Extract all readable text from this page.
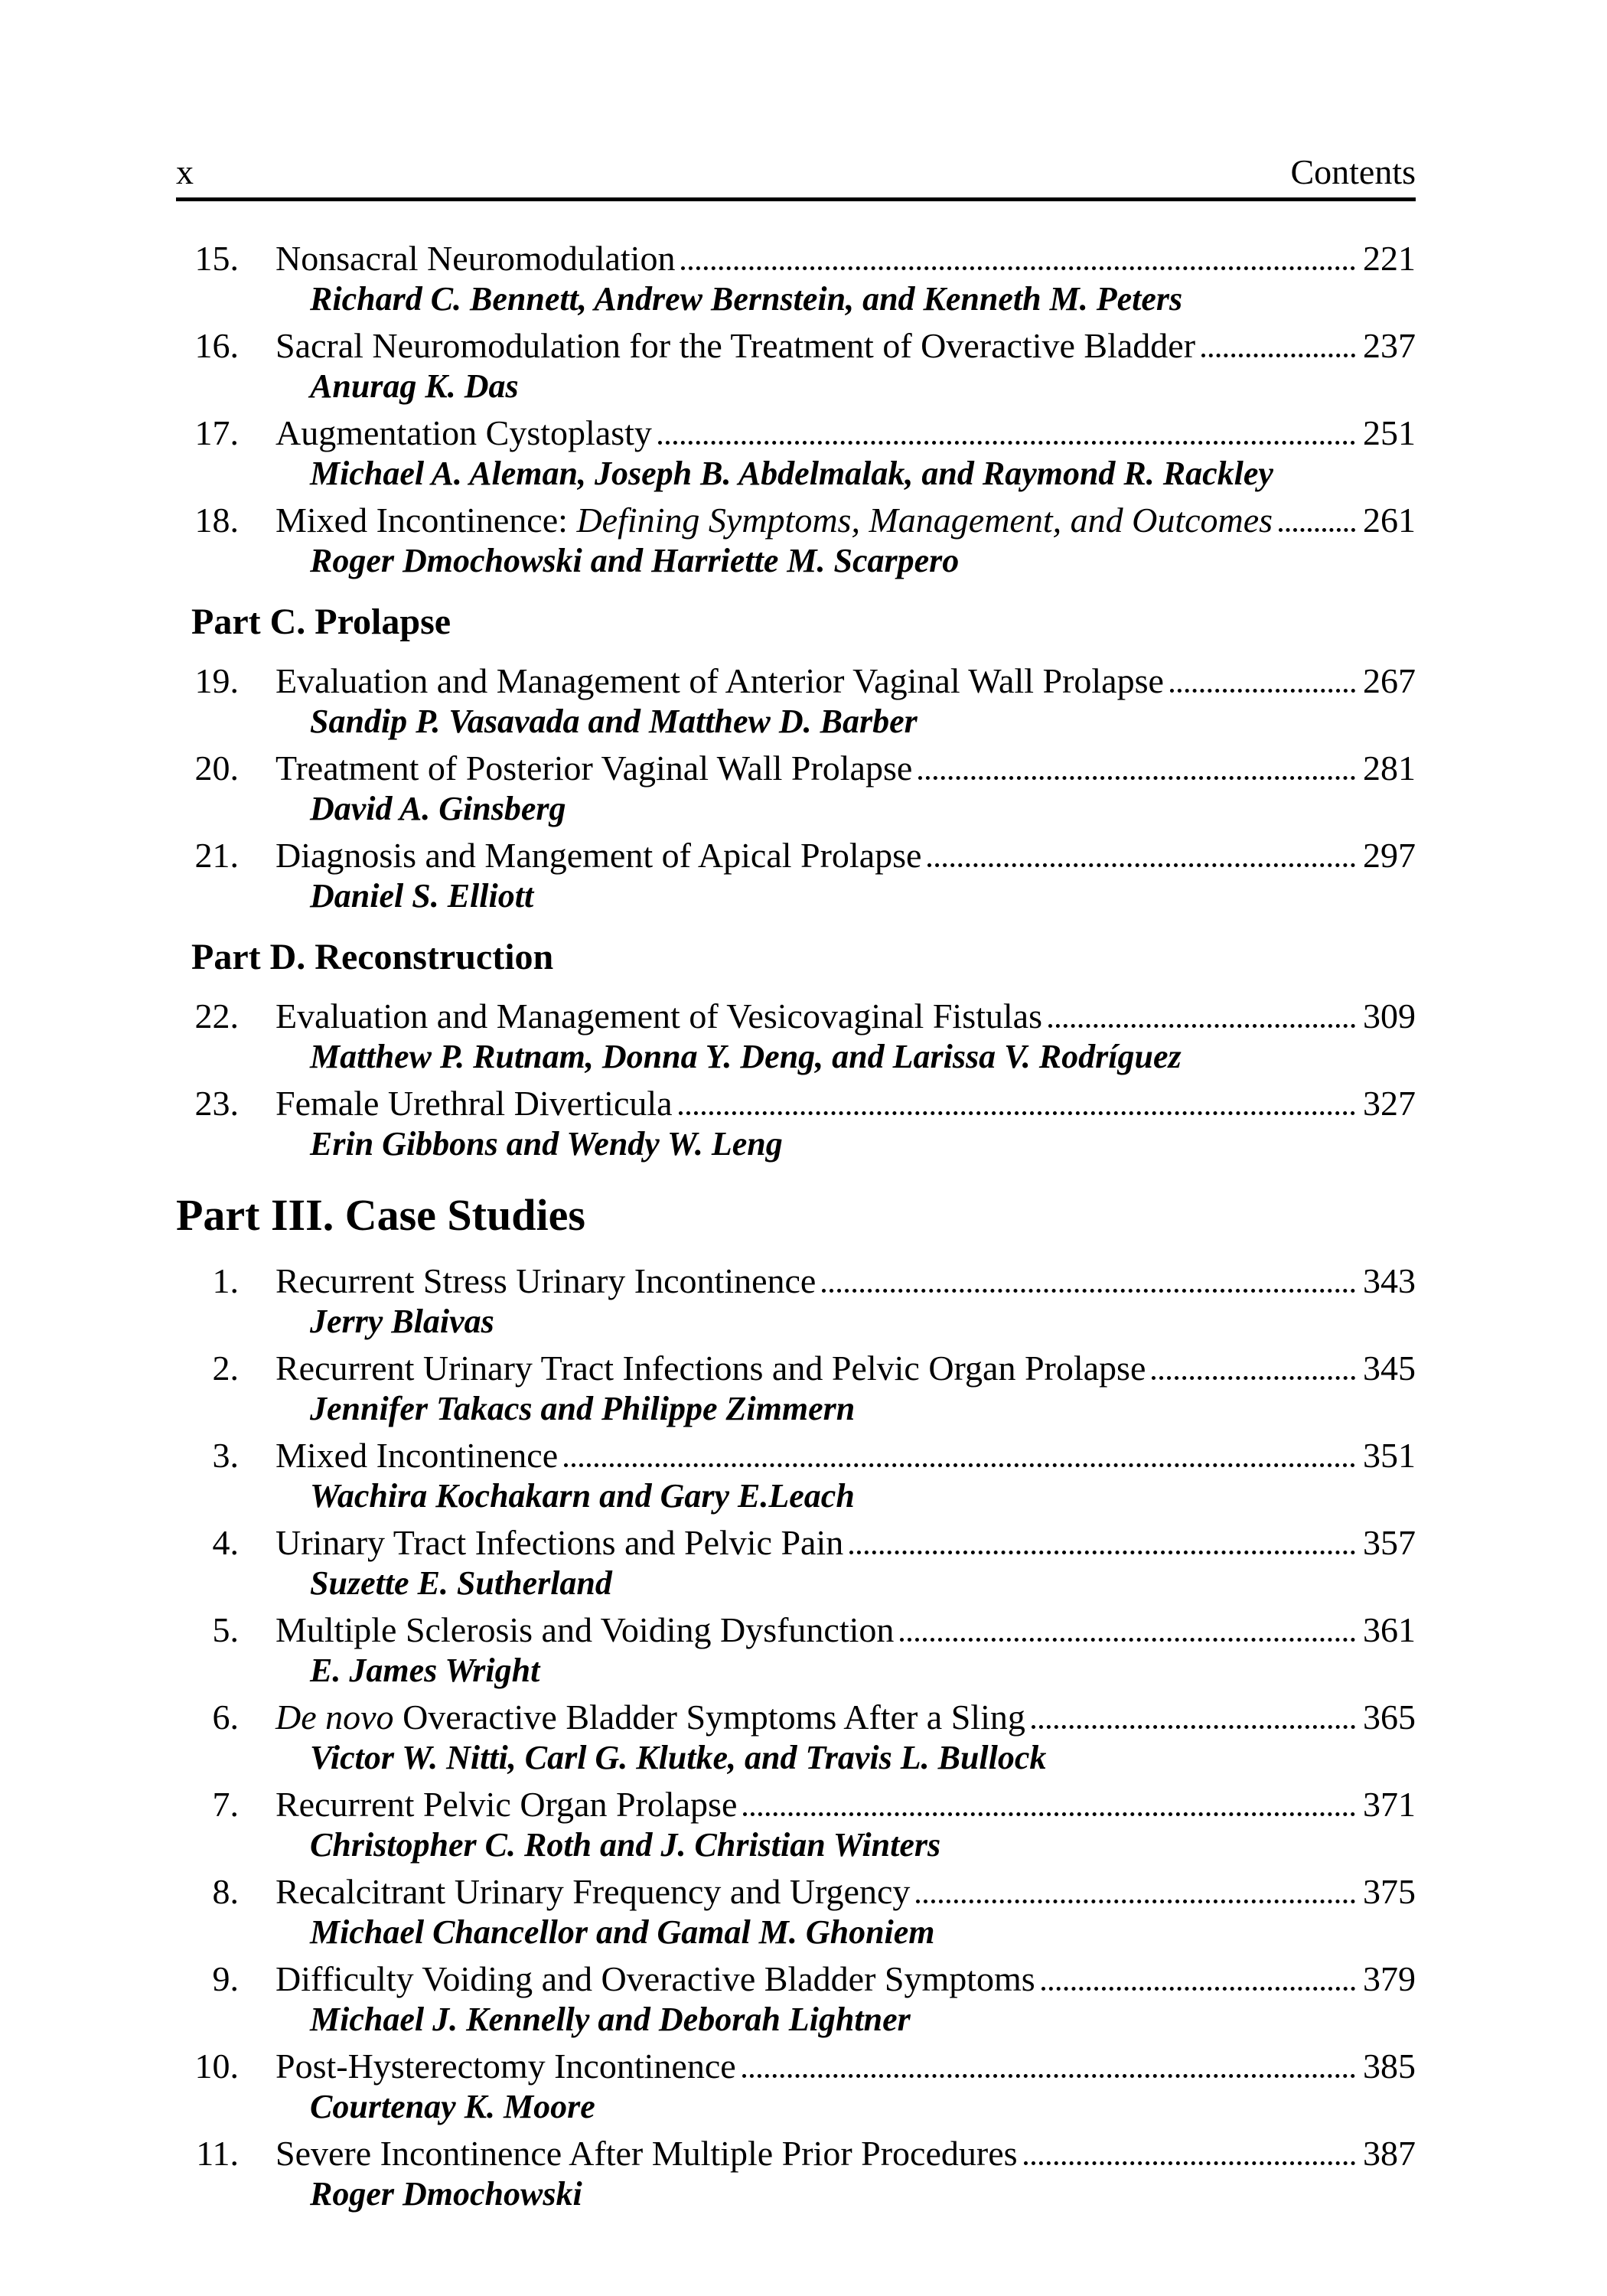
x	Contents
15. Nonsacral Neuromodulation	221
Richard C. Bennett, Andrew Bernstein, and Kenneth M. Peters
16. Sacral Neuromodulation for the Treatment of Overactive Bladder	237
Anurag K. Das
17. Augmentation Cystoplasty	251
Michael A. Aleman, Joseph B. Abdelmalak, and Raymond R. Rackley
18. Mixed Incontinence: Defining Symptoms, Management, and Outcomes	261
Roger Dmochowski and Harriette M. Scarpero
Part C. Prolapse
19. Evaluation and Management of Anterior Vaginal Wall Prolapse	267
Sandip P. Vasavada and Matthew D. Barber
20. Treatment of Posterior Vaginal Wall Prolapse	281
David A. Ginsberg
21. Diagnosis and Mangement of Apical Prolapse	297
Daniel S. Elliott
Part D. Reconstruction
22. Evaluation and Management of Vesicovaginal Fistulas	309
Matthew P. Rutnam, Donna Y. Deng, and Larissa V. Rodríguez
23. Female Urethral Diverticula	327
Erin Gibbons and Wendy W. Leng
Part III. Case Studies
1. Recurrent Stress Urinary Incontinence	343
Jerry Blaivas
2. Recurrent Urinary Tract Infections and Pelvic Organ Prolapse	345
Jennifer Takacs and Philippe Zimmern
3. Mixed Incontinence	351
Wachira Kochakarn and Gary E.Leach
4. Urinary Tract Infections and Pelvic Pain	357
Suzette E. Sutherland
5. Multiple Sclerosis and Voiding Dysfunction	361
E. James Wright
6. De novo Overactive Bladder Symptoms After a Sling	365
Victor W. Nitti, Carl G. Klutke, and Travis L. Bullock
7. Recurrent Pelvic Organ Prolapse	371
Christopher C. Roth and J. Christian Winters
8. Recalcitrant Urinary Frequency and Urgency	375
Michael Chancellor and Gamal M. Ghoniem
9. Difficulty Voiding and Overactive Bladder Symptoms	379
Michael J. Kennelly and Deborah Lightner
10. Post-Hysterectomy Incontinence	385
Courtenay K. Moore
11. Severe Incontinence After Multiple Prior Procedures	387
Roger Dmochowski
